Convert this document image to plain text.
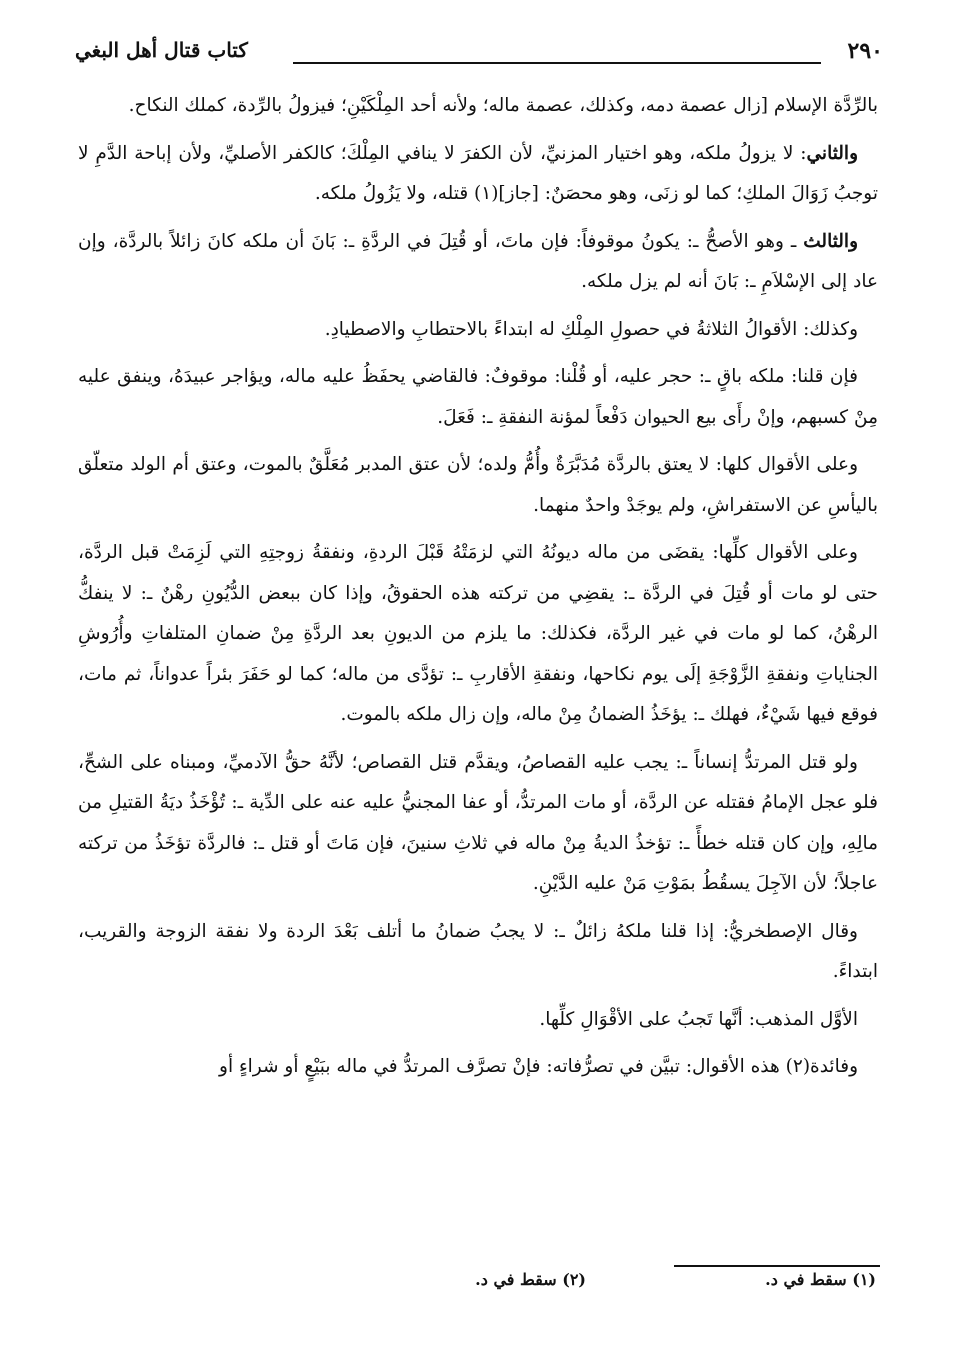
٢٩٠
كتاب قتال أهل البغي

بالرِّدَّة الإسلام [زال عصمة دمه، وكذلك، عصمة ماله؛ ولأنه أحد المِلْكَيْنِ؛ فيزولُ بالرِّدة، كملك النكاح.

والثاني: لا يزولُ ملكه، وهو اختيار المزنيِّ، لأن الكفرَ لا ينافي المِلْكَ؛ كالكفر الأصليِّ، ولأن إباحة الدَّمِ لا توجبُ زَوَالَ الملكِ؛ كما لو زنَى، وهو محصَنٌ: [جاز](١) قتله، ولا يَزُولُ ملكه.

والثالث ـ وهو الأصحُّ ـ: يكونُ موقوفاً: فإن ماتَ، أو قُتِلَ في الردَّةِ ـ: بَانَ أن ملكه كانَ زائلاً بالردَّة، وإن عاد إلى الإسْلاَمِ ـ: بَانَ أنه لم يزل ملكه.

وكذلك: الأقوالُ الثلاثةُ في حصولِ المِلْكِ له ابتداءً بالاحتطابِ والاصطيادِ.

فإن قلنا: ملكه باقٍ ـ: حجر عليه، أو قُلْنا: موقوفٌ: فالقاضي يحفَظُ عليه ماله، ويؤاجر عبيدَهُ، وينفق عليه مِنْ كسبهم، وإنْ رأَى بيع الحيوان دَفْعاً لمؤنة النفقةِ ـ: فَعَلَ.

وعلى الأقوال كلها: لا يعتق بالردَّة مُدَبَّرَةٌ وأُمُّ ولده؛ لأن عتق المدبر مُعَلَّقٌ بالموت، وعتق أم الولد متعلّق باليأسِ عن الاستفراشِ، ولم يوجَدْ واحدٌ منهما.

وعلى الأقوال كلِّها: يقضَى من ماله ديونُهُ التي لزمَتْهُ قَبْلَ الردةِ، ونفقةُ زوجتِهِ التي لَزِمَتْ قبل الردَّة، حتى لو مات أو قُتِلَ في الردَّة ـ: يقضِي من تركته هذه الحقوقُ، وإذا كان ببعض الدُّيُونِ رهْنٌ ـ: لا ينفكُّ الرهْنُ، كما لو مات في غير الردَّة، فكذلك: ما يلزم من الديونِ بعد الردَّةِ مِنْ ضمانِ المتلفاتِ وأُرُوشِ الجناياتِ ونفقةِ الزَّوْجَةِ إلَى يوم نكاحها، ونفقةِ الأقاربِ ـ: تؤدَّى من ماله؛ كما لو حَفَرَ بئراً عدواناً، ثم مات، فوقع فيها شَيْءٌ، فهلك ـ: يؤخَذُ الضمانُ مِنْ ماله، وإن زال ملكه بالموت.

ولو قتل المرتدُّ إنساناً ـ: يجب عليه القصاصُ، ويقدَّم قتل القصاص؛ لأنَّهُ حقُّ الآدميِّ، ومبناه على الشحِّ، فلو عجل الإمامُ فقتله عن الردَّة، أو مات المرتدُّ، أو عفا المجنيُّ عليه عنه على الدِّية ـ: تُؤْخَذُ ديَةُ القتيلِ من مالِهِ، وإن كان قتله خطأً ـ: تؤخذُ الديةُ مِنْ ماله في ثلاثِ سنينَ، فإن مَاتَ أو قتل ـ: فالردَّة تؤخَذُ من تركته عاجلاً؛ لأن الآجِلَ يسقُطُ بمَوْتِ مَنْ عليه الدَّيْنِ.

وقال الإصطخريُّ: إذا قلنا ملكهُ زائلٌ ـ: لا يجبُ ضمانُ ما أتلف بَعْدَ الردة ولا نفقة الزوجة والقريب، ابتداءً.

الأوَّل المذهب: أنَّها تَجبُ على الأقْوَالِ كلِّها.

وفائدة(٢) هذه الأقوال: تبيَّن في تصرُّفاته: فإنْ تصرَّف المرتدُّ في ماله ببَيْعٍ أو شراءٍ أو

(١) سقط في د.
(٢) سقط في د.
